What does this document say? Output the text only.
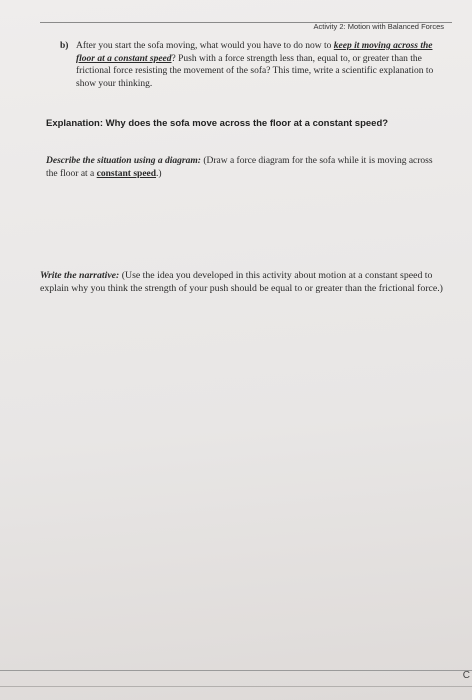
Activity 2: Motion with Balanced Forces
b) After you start the sofa moving, what would you have to do now to keep it moving across the floor at a constant speed? Push with a force strength less than, equal to, or greater than the frictional force resisting the movement of the sofa? This time, write a scientific explanation to show your thinking.
Explanation: Why does the sofa move across the floor at a constant speed?
Describe the situation using a diagram: (Draw a force diagram for the sofa while it is moving across the floor at a constant speed.)
Write the narrative: (Use the idea you developed in this activity about motion at a constant speed to explain why you think the strength of your push should be equal to or greater than the frictional force.)
C
